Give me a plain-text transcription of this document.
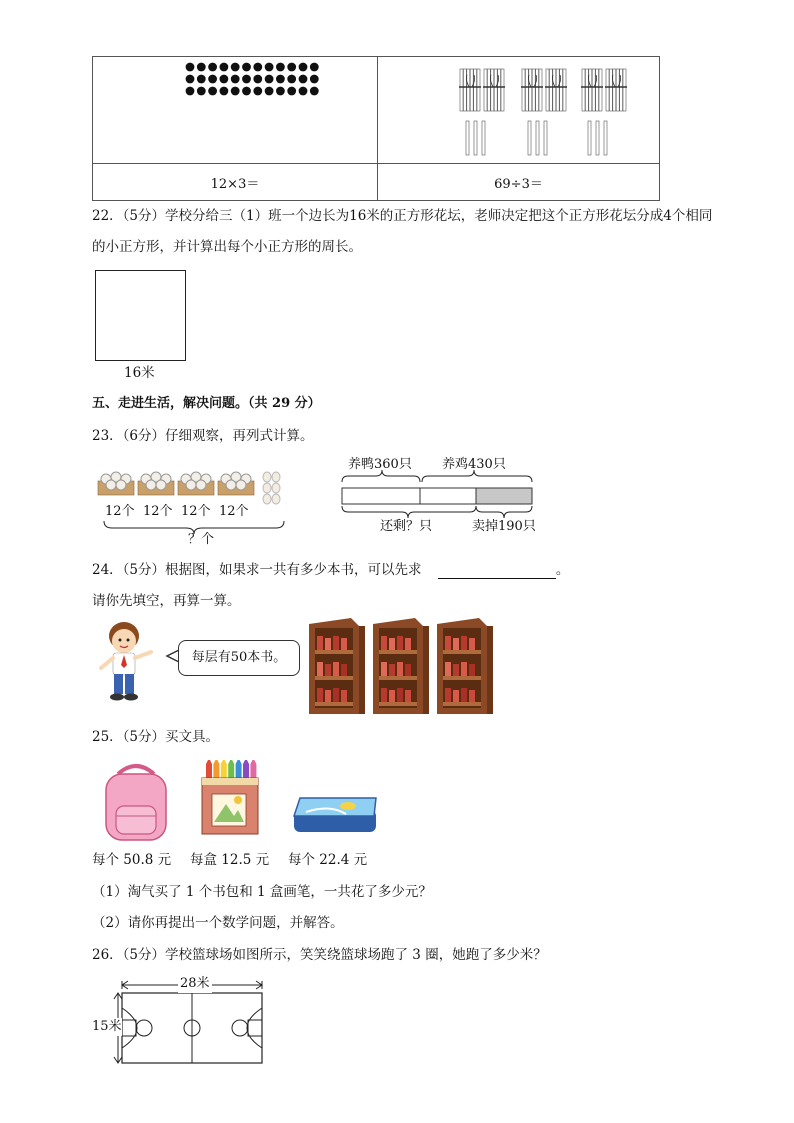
12×3＝	69÷3＝
22．（5分）学校分给三（1）班一个边长为16米的正方形花坛，老师决定把这个正方形花坛分成4个相同
的小正方形，并计算出每个小正方形的周长。
16米
五、走进生活，解决问题。（共 29 分）
23．（6分）仔细观察，再列式计算。
12个 12个 12个 12个
？个
养鸭360只 养鸡430只
还剩？只	卖掉190只
24．（5分）根据图，如果求一共有多少本书，可以先求	。
请你先填空，再算一算。
每层有50本书。
25．（5分）买文具。
每个 50.8 元 每盒 12.5 元 每个 22.4 元
（1）淘气买了 1 个书包和 1 盒画笔，一共花了多少元？
（2）请你再提出一个数学问题，并解答。
26．（5分）学校篮球场如图所示，笑笑绕篮球场跑了 3 圈，她跑了多少米？
28米
15米
